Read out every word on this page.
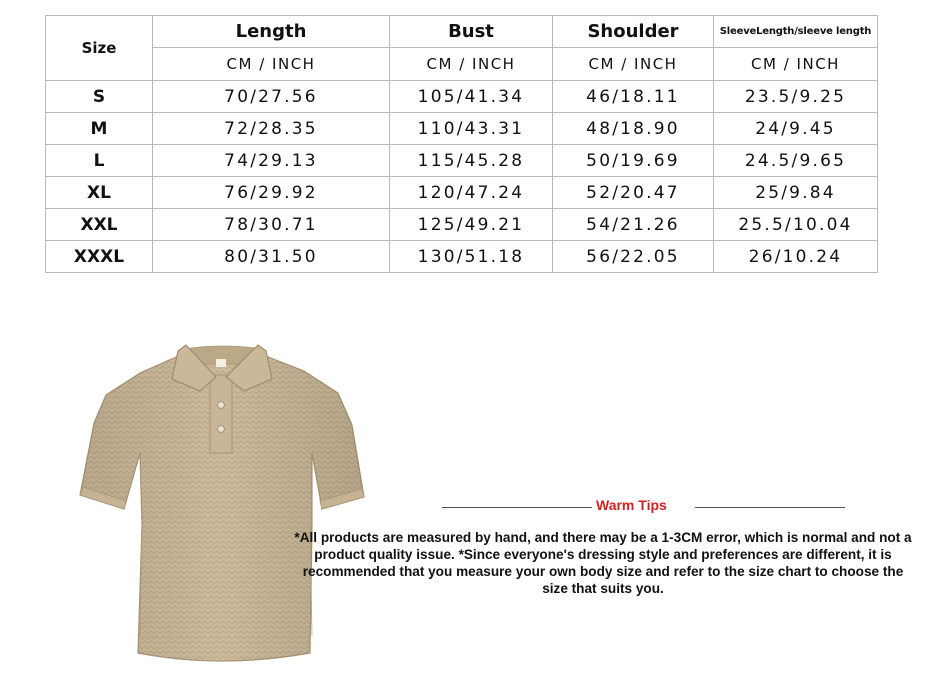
Size	Length	Bust	Shoulder	SleeveLength/sleeve length
	CM / INCH	CM / INCH	CM / INCH	CM / INCH
S	70/27.56	105/41.34	46/18.11	23.5/9.25
M	72/28.35	110/43.31	48/18.90	24/9.45
L	74/29.13	115/45.28	50/19.69	24.5/9.65
XL	76/29.92	120/47.24	52/20.47	25/9.84
XXL	78/30.71	125/49.21	54/21.26	25.5/10.04
XXXL	80/31.50	130/51.18	56/22.05	26/10.24
Warm Tips
*All products are measured by hand, and there may be a 1-3CM error, which is normal and not a product quality issue. *Since everyone's dressing style and preferences are different, it is recommended that you measure your own body size and refer to the size chart to choose the size that suits you.
